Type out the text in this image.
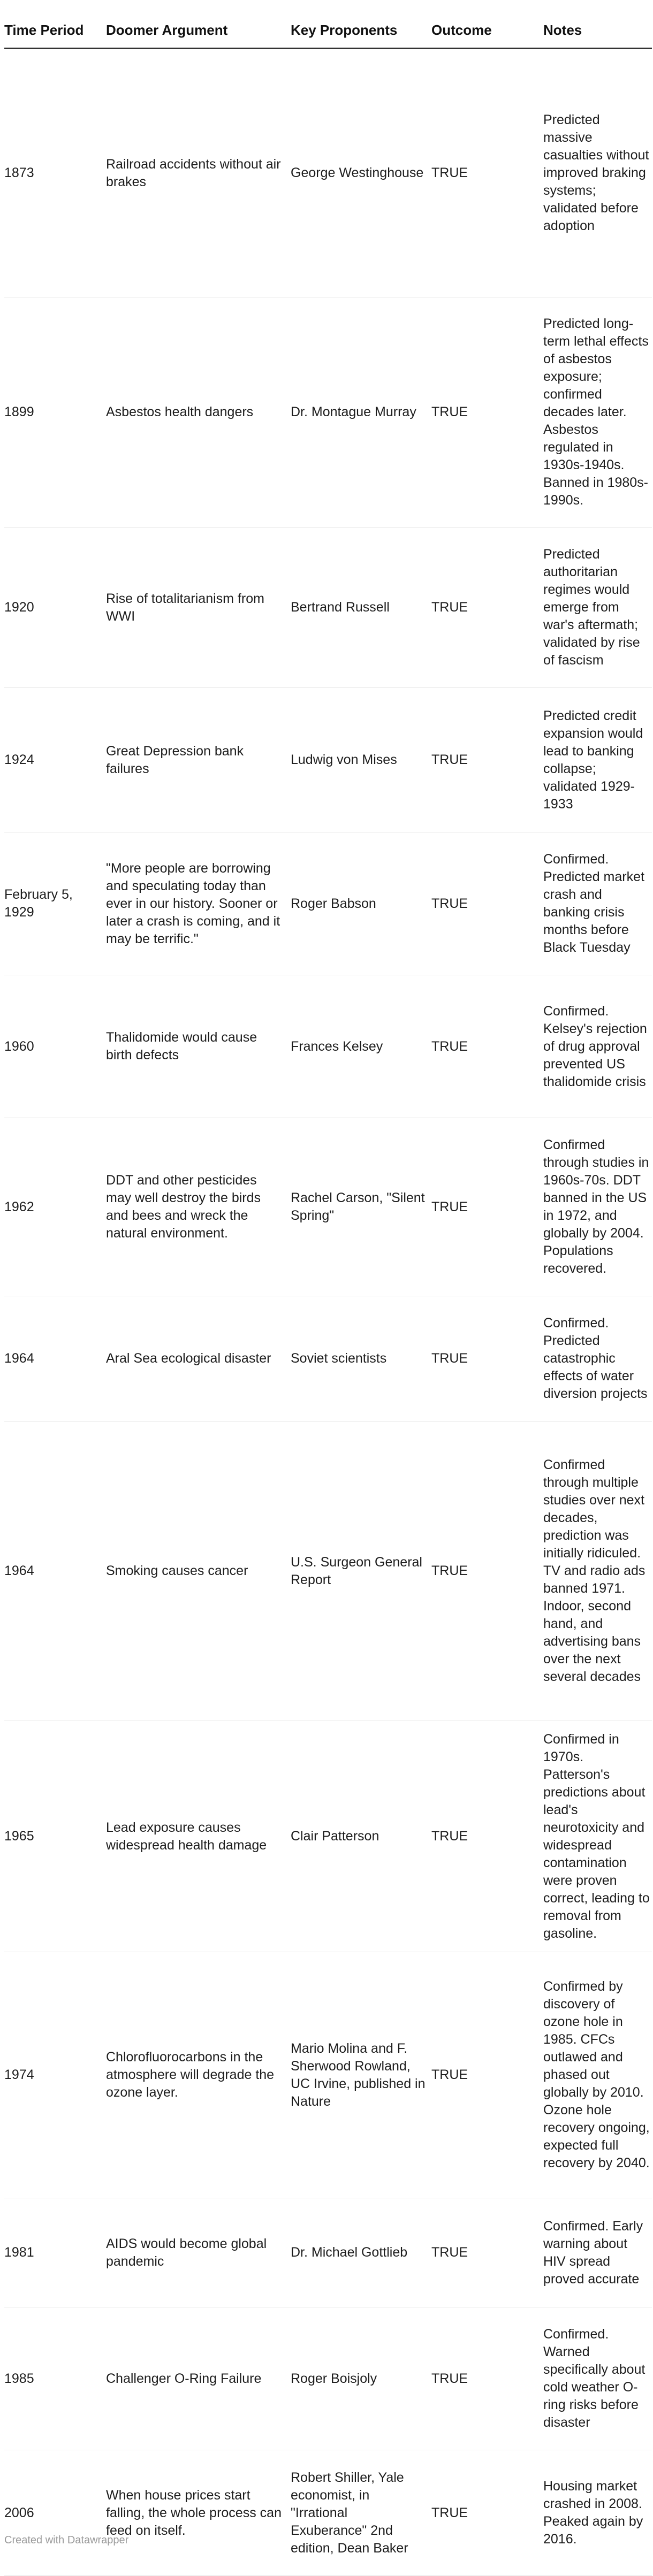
Time Period	Doomer Argument	Key Proponents	Outcome	Notes
1873	Railroad accidents without air brakes	George Westinghouse	TRUE	Predicted massive casualties without improved braking systems; validated before adoption
1899	Asbestos health dangers	Dr. Montague Murray	TRUE	Predicted long-term lethal effects of asbestos exposure; confirmed decades later. Asbestos regulated in 1930s-1940s. Banned in 1980s-1990s.
1920	Rise of totalitarianism from WWI	Bertrand Russell	TRUE	Predicted authoritarian regimes would emerge from war's aftermath; validated by rise of fascism
1924	Great Depression bank failures	Ludwig von Mises	TRUE	Predicted credit expansion would lead to banking collapse; validated 1929-1933
February 5, 1929	"More people are borrowing and speculating today than ever in our history. Sooner or later a crash is coming, and it may be terrific."	Roger Babson	TRUE	Confirmed. Predicted market crash and banking crisis months before Black Tuesday
1960	Thalidomide would cause birth defects	Frances Kelsey	TRUE	Confirmed. Kelsey's rejection of drug approval prevented US thalidomide crisis
1962	DDT and other pesticides may well destroy the birds and bees and wreck the natural environment.	Rachel Carson, "Silent Spring"	TRUE	Confirmed through studies in 1960s-70s. DDT banned in the US in 1972, and globally by 2004. Populations recovered.
1964	Aral Sea ecological disaster	Soviet scientists	TRUE	Confirmed. Predicted catastrophic effects of water diversion projects
1964	Smoking causes cancer	U.S. Surgeon General Report	TRUE	Confirmed through multiple studies over next decades, prediction was initially ridiculed. TV and radio ads banned 1971. Indoor, second hand, and advertising bans over the next several decades
1965	Lead exposure causes widespread health damage	Clair Patterson	TRUE	Confirmed in 1970s. Patterson's predictions about lead's neurotoxicity and widespread contamination were proven correct, leading to removal from gasoline.
1974	Chlorofluorocarbons in the atmosphere will degrade the ozone layer.	Mario Molina and F. Sherwood Rowland, UC Irvine, published in Nature	TRUE	Confirmed by discovery of ozone hole in 1985. CFCs outlawed and phased out globally by 2010. Ozone hole recovery ongoing, expected full recovery by 2040.
1981	AIDS would become global pandemic	Dr. Michael Gottlieb	TRUE	Confirmed. Early warning about HIV spread proved accurate
1985	Challenger O-Ring Failure	Roger Boisjoly	TRUE	Confirmed. Warned specifically about cold weather O-ring risks before disaster
2006	When house prices start falling, the whole process can feed on itself.	Robert Shiller, Yale economist, in "Irrational Exuberance" 2nd edition, Dean Baker	TRUE	Housing market crashed in 2008. Peaked again by 2016.
Created with Datawrapper
